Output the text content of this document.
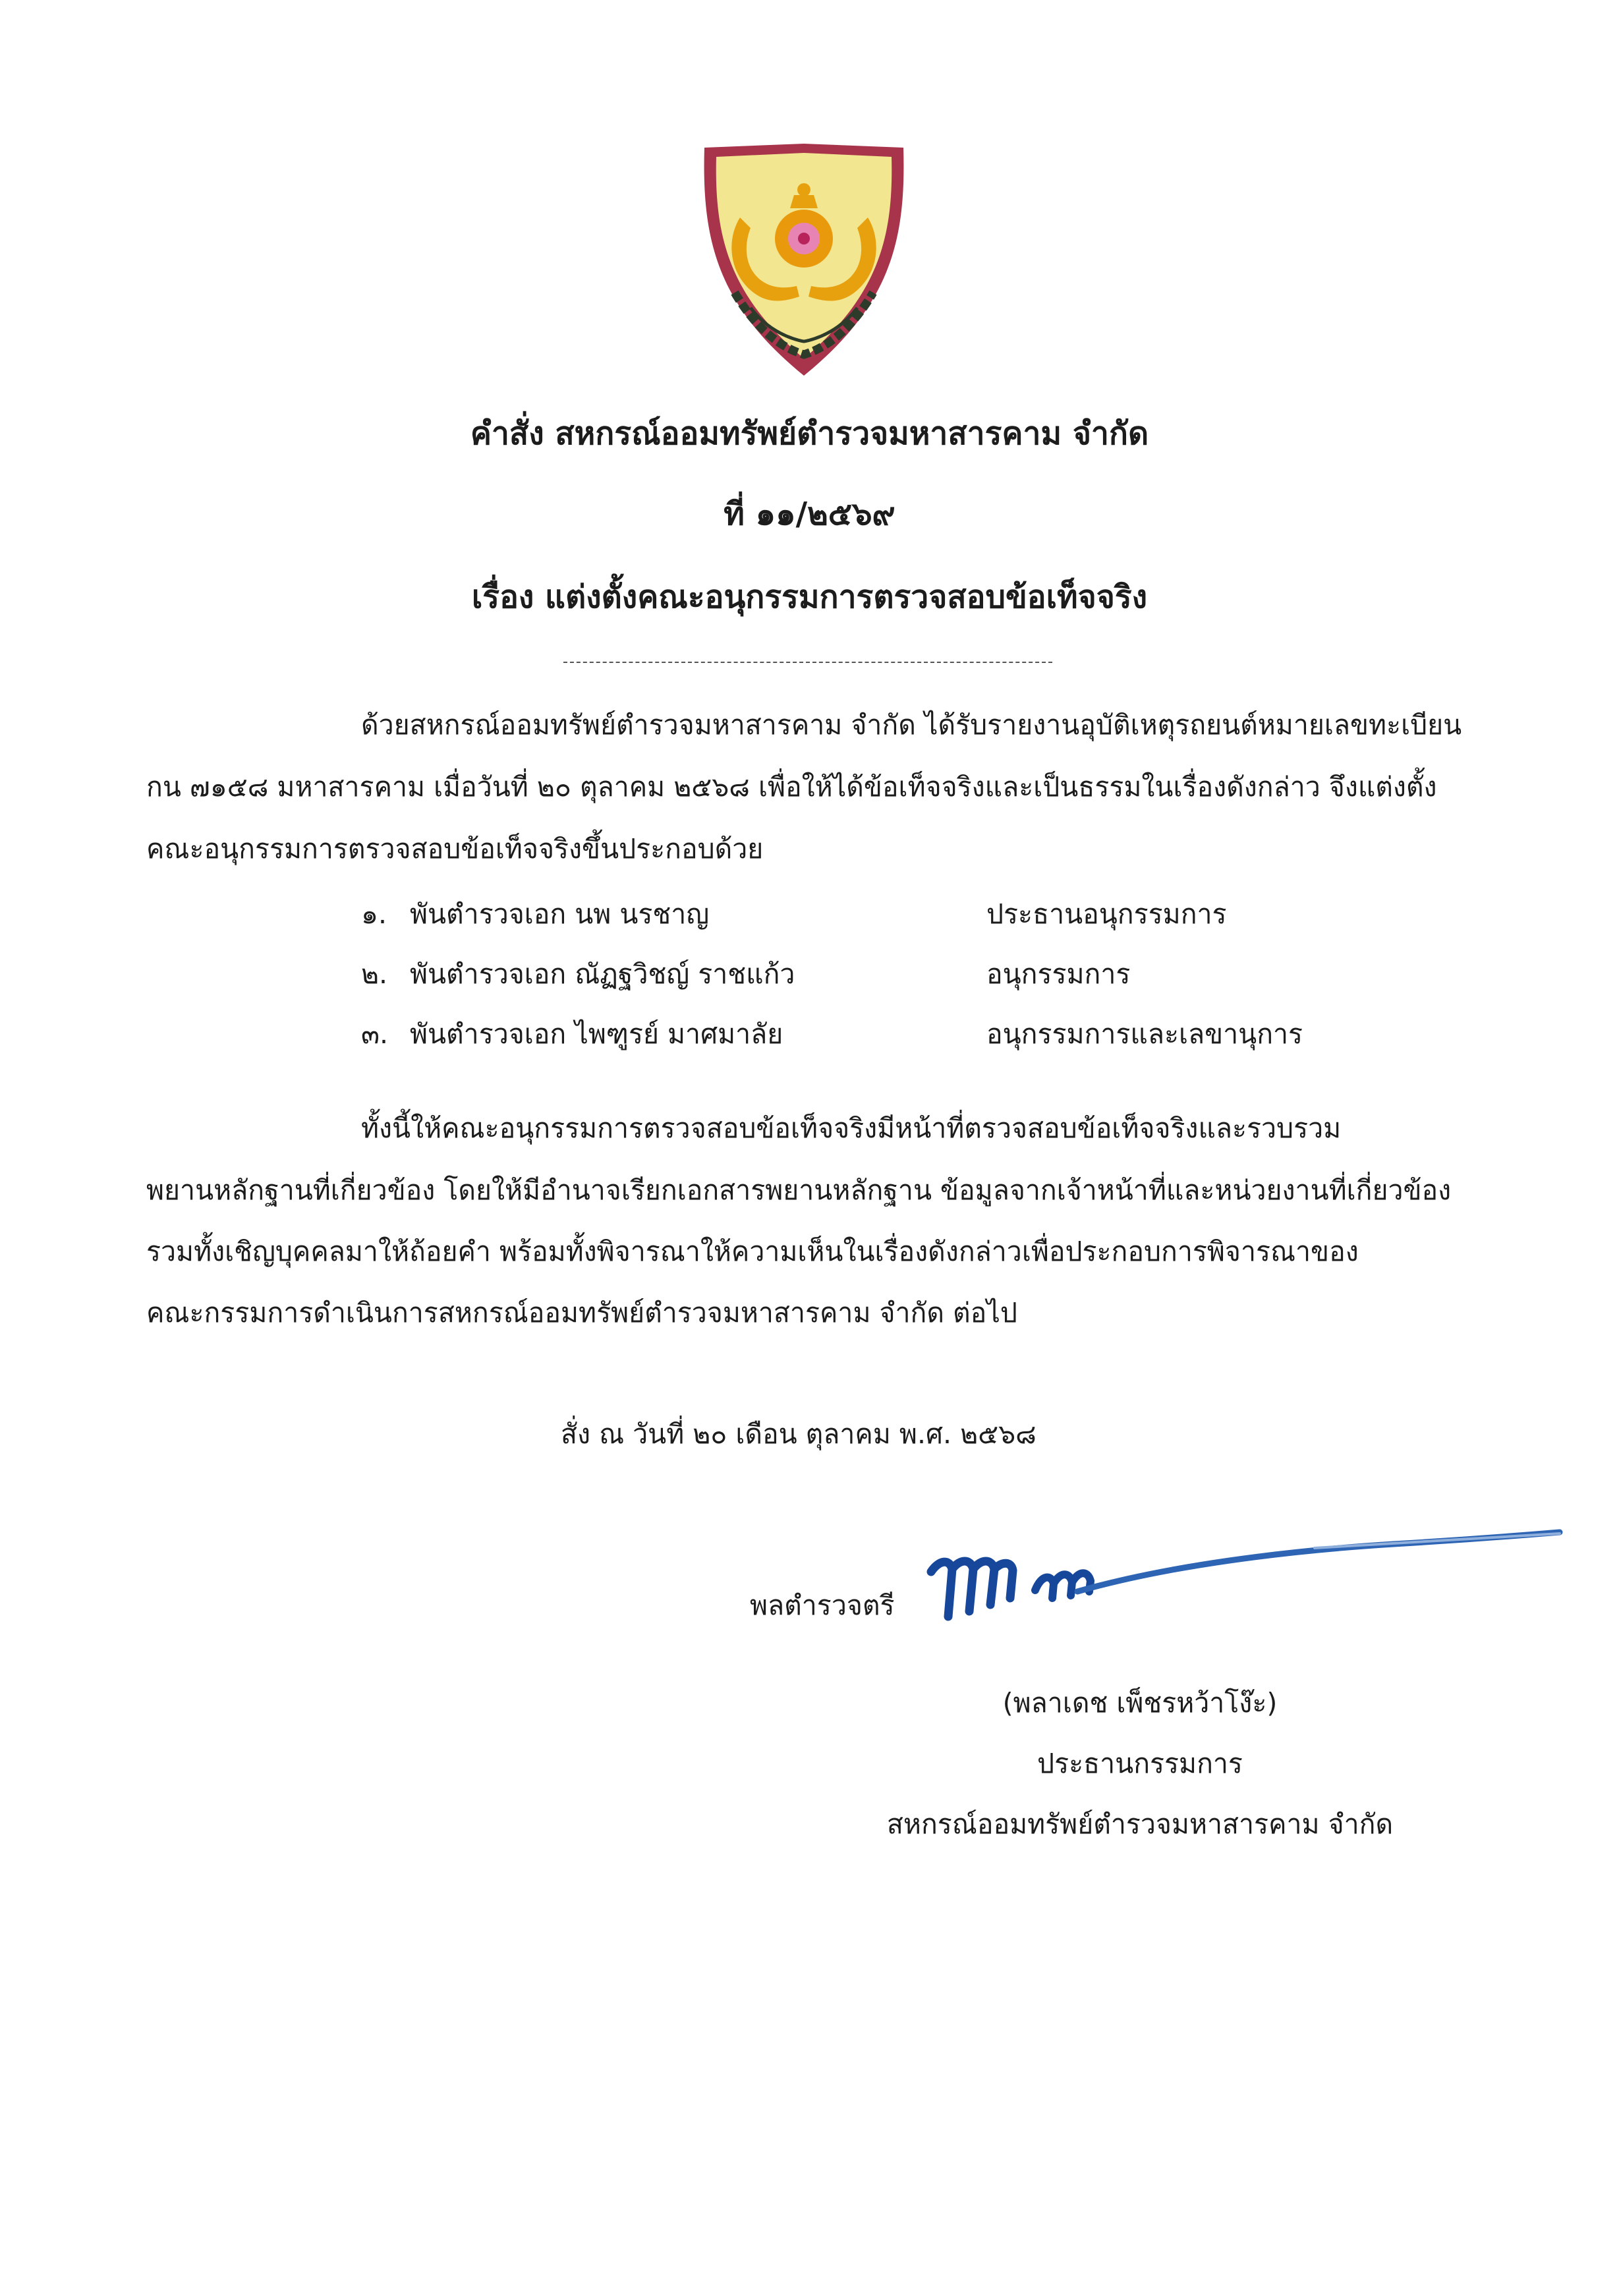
คำสั่ง สหกรณ์ออมทรัพย์ตำรวจมหาสารคาม จำกัด
ที่ ๑๑/๒๕๖๙
เรื่อง แต่งตั้งคณะอนุกรรมการตรวจสอบข้อเท็จจริง
ด้วยสหกรณ์ออมทรัพย์ตำรวจมหาสารคาม จำกัด ได้รับรายงานอุบัติเหตุรถยนต์หมายเลขทะเบียน
กน ๗๑๕๘ มหาสารคาม เมื่อวันที่ ๒๐ ตุลาคม ๒๕๖๘ เพื่อให้ได้ข้อเท็จจริงและเป็นธรรมในเรื่องดังกล่าว จึงแต่งตั้ง
คณะอนุกรรมการตรวจสอบข้อเท็จจริงขึ้นประกอบด้วย
๑. พันตำรวจเอก นพ นรชาญ	ประธานอนุกรรมการ
๒. พันตำรวจเอก ณัฏฐวิชญ์ ราชแก้ว	อนุกรรมการ
๓. พันตำรวจเอก ไพฑูรย์ มาศมาลัย	อนุกรรมการและเลขานุการ
ทั้งนี้ให้คณะอนุกรรมการตรวจสอบข้อเท็จจริงมีหน้าที่ตรวจสอบข้อเท็จจริงและรวบรวม
พยานหลักฐานที่เกี่ยวข้อง โดยให้มีอำนาจเรียกเอกสารพยานหลักฐาน ข้อมูลจากเจ้าหน้าที่และหน่วยงานที่เกี่ยวข้อง
รวมทั้งเชิญบุคคลมาให้ถ้อยคำ พร้อมทั้งพิจารณาให้ความเห็นในเรื่องดังกล่าวเพื่อประกอบการพิจารณาของ
คณะกรรมการดำเนินการสหกรณ์ออมทรัพย์ตำรวจมหาสารคาม จำกัด ต่อไป
สั่ง ณ วันที่ ๒๐ เดือน ตุลาคม พ.ศ. ๒๕๖๘
พลตำรวจตรี
(พลาเดช เพ็ชรหว้าโง๊ะ)
ประธานกรรมการ
สหกรณ์ออมทรัพย์ตำรวจมหาสารคาม จำกัด
